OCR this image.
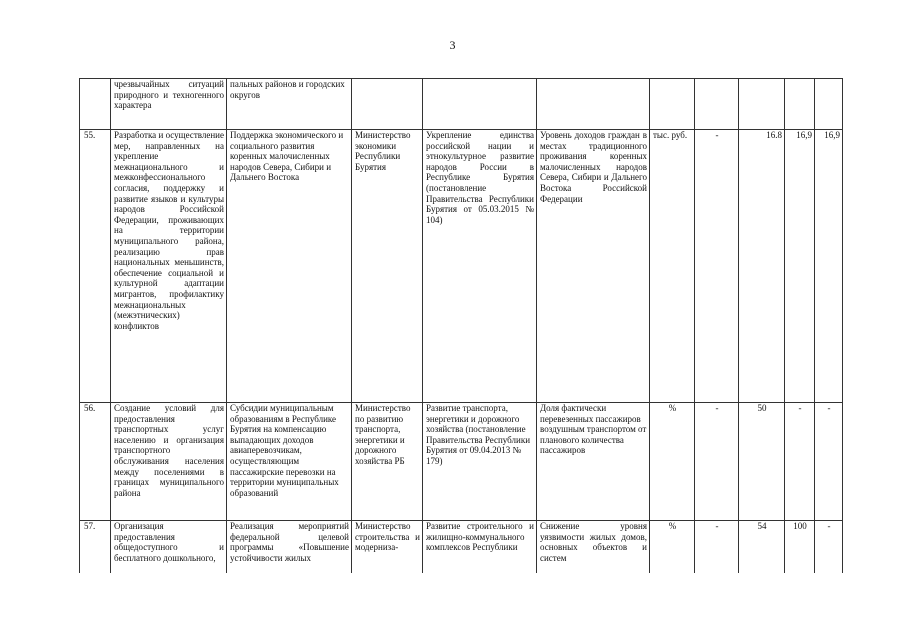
3
	чрезвычайных ситуаций природного и техногенного характера	пальных районов и городских округов								
55.	Разработка и осуществление мер, направленных на укрепление межнационального и межконфессионального согласия, поддержку и развитие языков и культуры народов Российской Федерации, проживающих на территории муниципального района, реализацию прав национальных меньшинств, обеспечение социальной и культурной адаптации мигрантов, профилактику межнациональных (межэтнических) конфликтов	Поддержка экономического и социального развития коренных малочисленных народов Севера, Сибири и Дальнего Востока	Министерство экономики Республики Бурятия	Укрепление единства российской нации и этнокультурное развитие народов России в Республике Бурятия (постановление Правительства Республики Бурятия от 05.03.2015 № 104)	Уровень доходов граждан в местах традиционного проживания коренных малочисленных народов Севера, Сибири и Дальнего Востока Российской Федерации	тыс. руб.	-	16.8	16,9	16,9
56.	Создание условий для предоставления транспортных услуг населению и организация транспортного обслуживания населения между поселениями в границах муниципального района	Субсидии муниципальным образованиям в Республике Бурятия на компенсацию выпадающих доходов авиаперевозчикам, осуществляющим пассажирские перевозки на территории муниципальных образований	Министерство по развитию транспорта, энергетики и дорожного хозяйства РБ	Развитие транспорта, энергетики и дорожного хозяйства (постановление Правительства Республики Бурятия от 09.04.2013 № 179)	Доля фактически перевезенных пассажиров воздушным транспортом от планового количества пассажиров	%	-	50	-	-
57.	Организация предоставления общедоступного и бесплатного дошкольного,	Реализация мероприятий федеральной целевой программы «Повышение устойчивости жилых	Министерство строительства и модерниза-	Развитие строительного и жилищно-коммунального комплексов Республики	Снижение уровня уязвимости жилых домов, основных объектов и систем	%	-	54	100	-
